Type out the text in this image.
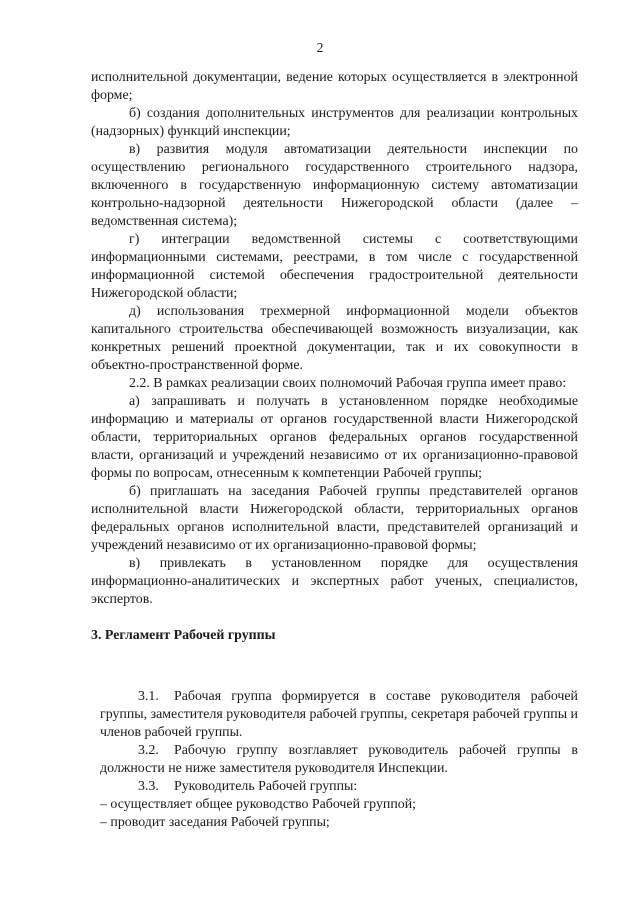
2

исполнительной документации, ведение которых осуществляется в электронной форме;

б) создания дополнительных инструментов для реализации контрольных (надзорных) функций инспекции;

в) развития модуля автоматизации деятельности инспекции по осуществлению регионального государственного строительного надзора, включенного в государственную информационную систему автоматизации контрольно-надзорной деятельности Нижегородской области (далее – ведомственная система);

г) интеграции ведомственной системы с соответствующими информационными системами, реестрами, в том числе с государственной информационной системой обеспечения градостроительной деятельности Нижегородской области;

д) использования трехмерной информационной модели объектов капитального строительства обеспечивающей возможность визуализации, как конкретных решений проектной документации, так и их совокупности в объектно-пространственной форме.

2.2. В рамках реализации своих полномочий Рабочая группа имеет право:

а) запрашивать и получать в установленном порядке необходимые информацию и материалы от органов государственной власти Нижегородской области, территориальных органов федеральных органов государственной власти, организаций и учреждений независимо от их организационно-правовой формы по вопросам, отнесенным к компетенции Рабочей группы;

б) приглашать на заседания Рабочей группы представителей органов исполнительной власти Нижегородской области, территориальных органов федеральных органов исполнительной власти, представителей организаций и учреждений независимо от их организационно-правовой формы;

в) привлекать в установленном порядке для осуществления информационно-аналитических и экспертных работ ученых, специалистов, экспертов.

3. Регламент Рабочей группы

3.1. Рабочая группа формируется в составе руководителя рабочей группы, заместителя руководителя рабочей группы, секретаря рабочей группы и членов рабочей группы.

3.2. Рабочую группу возглавляет руководитель рабочей группы в должности не ниже заместителя руководителя Инспекции.

3.3. Руководитель Рабочей группы:

– осуществляет общее руководство Рабочей группой;

– проводит заседания Рабочей группы;
